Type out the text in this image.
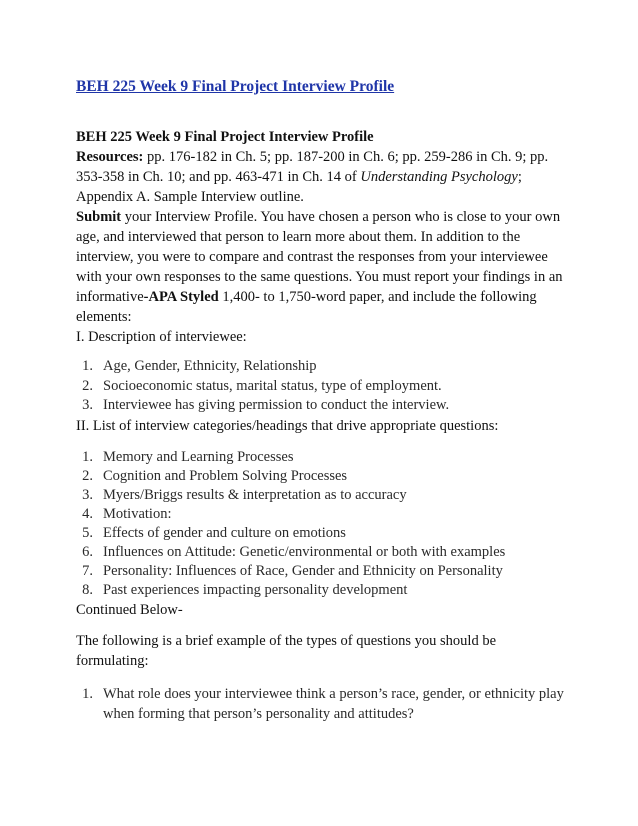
BEH 225 Week 9 Final Project Interview Profile

BEH 225 Week 9 Final Project Interview Profile

Resources: pp. 176-182 in Ch. 5; pp. 187-200 in Ch. 6; pp. 259-286 in Ch. 9; pp. 353-358 in Ch. 10; and pp. 463-471 in Ch. 14 of Understanding Psychology; Appendix A. Sample Interview outline.

Submit your Interview Profile. You have chosen a person who is close to your own age, and interviewed that person to learn more about them. In addition to the interview, you were to compare and contrast the responses from your interviewee with your own responses to the same questions. You must report your findings in an informative-APA Styled 1,400- to 1,750-word paper, and include the following elements:

I. Description of interviewee:

1. Age, Gender, Ethnicity, Relationship
2. Socioeconomic status, marital status, type of employment.
3. Interviewee has giving permission to conduct the interview.

II. List of interview categories/headings that drive appropriate questions:

1. Memory and Learning Processes
2. Cognition and Problem Solving Processes
3. Myers/Briggs results & interpretation as to accuracy
4. Motivation:
5. Effects of gender and culture on emotions
6. Influences on Attitude: Genetic/environmental or both with examples
7. Personality: Influences of Race, Gender and Ethnicity on Personality
8. Past experiences impacting personality development

Continued Below-

The following is a brief example of the types of questions you should be formulating:

1. What role does your interviewee think a person’s race, gender, or ethnicity play when forming that person’s personality and attitudes?
